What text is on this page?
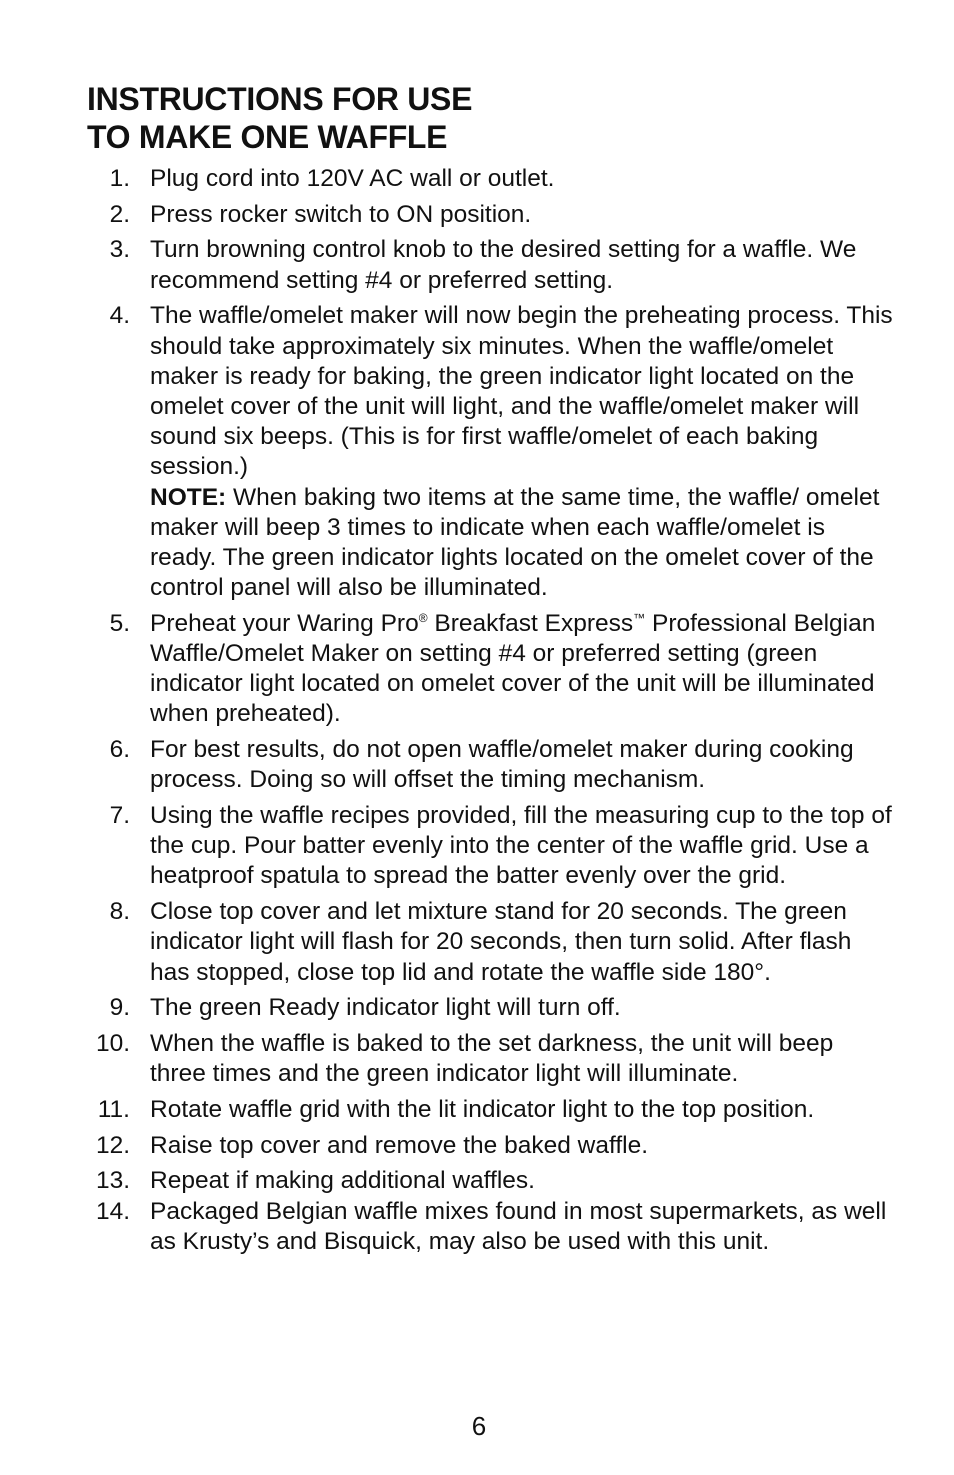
INSTRUCTIONS FOR USE
TO MAKE ONE WAFFLE
1. Plug cord into 120V AC wall or outlet.
2. Press rocker switch to ON position.
3. Turn browning control knob to the desired setting for a waffle. We recommend setting #4 or preferred setting.
4. The waffle/omelet maker will now begin the preheating process. This should take approximately six minutes. When the waffle/omelet maker is ready for baking, the green indicator light located on the omelet cover of the unit will light, and the waffle/omelet maker will sound six beeps. (This is for first waffle/omelet of each baking session.)
NOTE: When baking two items at the same time, the waffle/ omelet maker will beep 3 times to indicate when each waffle/omelet is ready. The green indicator lights located on the omelet cover of the control panel will also be illuminated.
5. Preheat your Waring Pro® Breakfast Express™ Professional Belgian Waffle/Omelet Maker on setting #4 or preferred setting (green indicator light located on omelet cover of the unit will be illuminated when preheated).
6. For best results, do not open waffle/omelet maker during cooking process. Doing so will offset the timing mechanism.
7. Using the waffle recipes provided, fill the measuring cup to the top of the cup. Pour batter evenly into the center of the waffle grid. Use a heatproof spatula to spread the batter evenly over the grid.
8. Close top cover and let mixture stand for 20 seconds. The green indicator light will flash for 20 seconds, then turn solid. After flash has stopped, close top lid and rotate the waffle side 180°.
9. The green Ready indicator light will turn off.
10. When the waffle is baked to the set darkness, the unit will beep three times and the green indicator light will illuminate.
11. Rotate waffle grid with the lit indicator light to the top position.
12. Raise top cover and remove the baked waffle.
13. Repeat if making additional waffles.
14. Packaged Belgian waffle mixes found in most supermarkets, as well as Krusty’s and Bisquick, may also be used with this unit.
6
